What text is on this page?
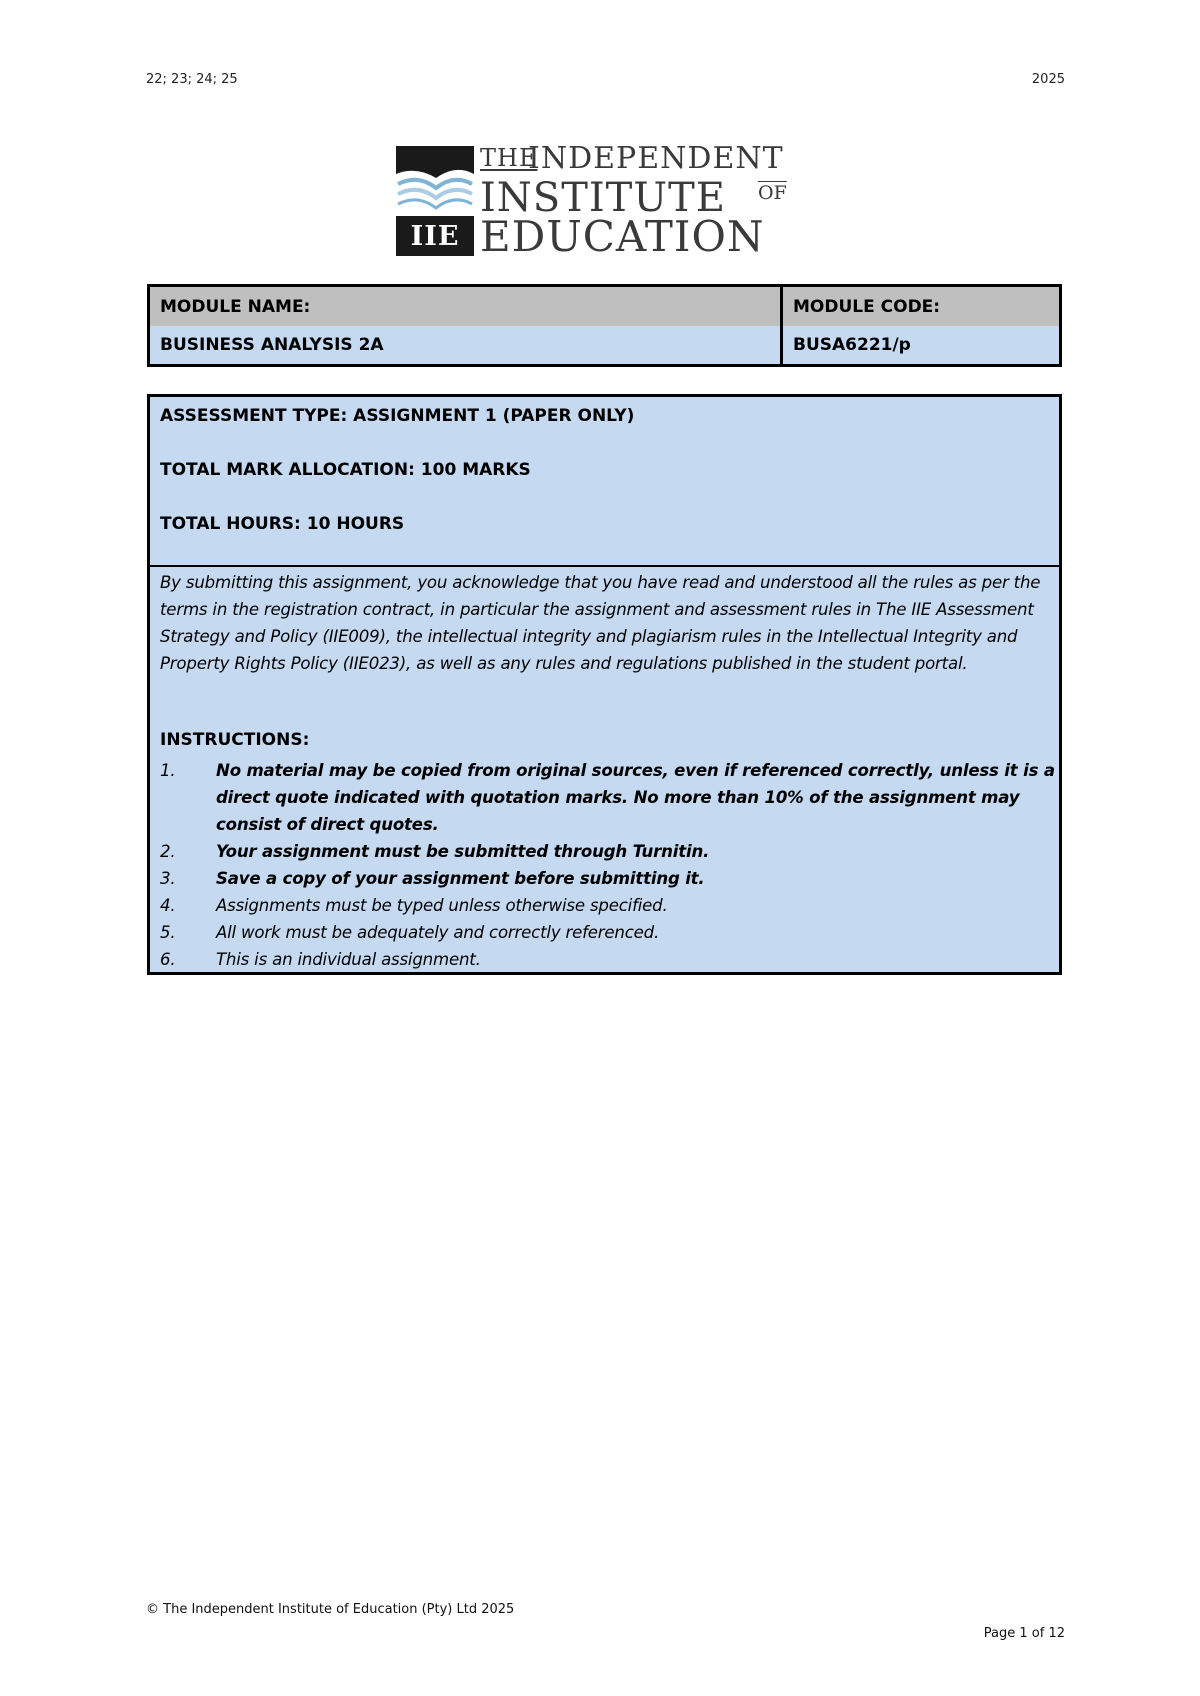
22; 23; 24; 25	2025
IIE
THE
INDEPENDENT
INSTITUTE $\overline{OF}$
EDUCATION
MODULE NAME:	MODULE CODE:
BUSINESS ANALYSIS 2A	BUSA6221/p
ASSESSMENT TYPE: ASSIGNMENT 1 (PAPER ONLY)
TOTAL MARK ALLOCATION: 100 MARKS
TOTAL HOURS: 10 HOURS
By submitting this assignment, you acknowledge that you have read and understood all the rules as per the terms in the registration contract, in particular the assignment and assessment rules in The IIE Assessment Strategy and Policy (IIE009), the intellectual integrity and plagiarism rules in the Intellectual Integrity and Property Rights Policy (IIE023), as well as any rules and regulations published in the student portal.
INSTRUCTIONS:
1.	No material may be copied from original sources, even if referenced correctly, unless it is a direct quote indicated with quotation marks. No more than 10% of the assignment may consist of direct quotes.
2.	Your assignment must be submitted through Turnitin.
3.	Save a copy of your assignment before submitting it.
4.	Assignments must be typed unless otherwise specified.
5.	All work must be adequately and correctly referenced.
6.	This is an individual assignment.
© The Independent Institute of Education (Pty) Ltd 2025
Page 1 of 12
